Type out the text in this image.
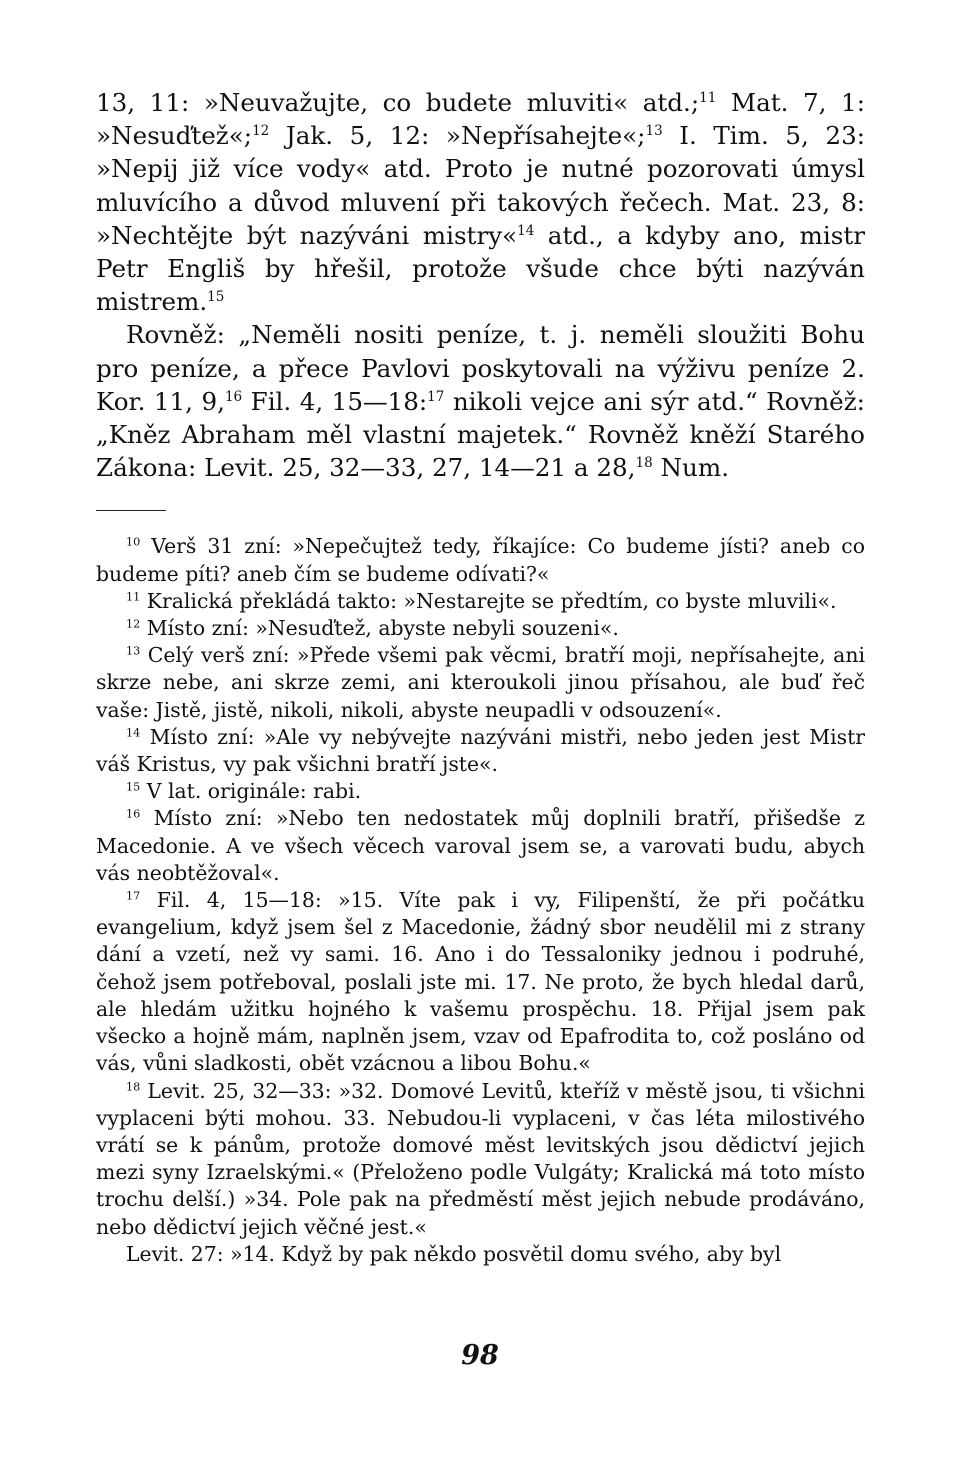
13, 11: »Neuvažujte, co budete mluviti« atd.;$^{11}$ Mat. 7, 1: »Nesuďtež«;$^{12}$ Jak. 5, 12: »Nepřísahejte«;$^{13}$ I. Tim. 5, 23: »Nepij již více vody« atd. Proto je nutné pozorovati úmysl mluvícího a důvod mluvení při takových řečech. Mat. 23, 8: »Nechtějte být nazýváni mistry«$^{14}$ atd., a kdyby ano, mistr Petr Engliš by hřešil, protože všude chce býti nazýván mistrem.$^{15}$

Rovněž: „Neměli nositi peníze, t. j. neměli sloužiti Bohu pro peníze, a přece Pavlovi poskytovali na výživu peníze 2. Kor. 11, 9,16 Fil. 4, 15—18:$^{17}$ nikoli vejce ani sýr atd.“ Rovněž: „Kněz Abraham měl vlastní majetek.“ Rovněž kněží Starého Zákona: Levit. 25, 32—33, 27, 14—21 a 28,18 Num.

$^{10}$ Verš 31 zní: »Nepečujtež tedy, říkajíce: Co budeme jísti? aneb co budeme píti? aneb čím se budeme odívati?«

$^{11}$ Kralická překládá takto: »Nestarejte se předtím, co byste mluvili«.

$^{12}$ Místo zní: »Nesuďtež, abyste nebyli souzeni«.

$^{13}$ Celý verš zní: »Přede všemi pak věcmi, bratří moji, nepřísahejte, ani skrze nebe, ani skrze zemi, ani kteroukoli jinou přísahou, ale buď řeč vaše: Jistě, jistě, nikoli, nikoli, abyste neupadli v odsouzení«.

$^{14}$ Místo zní: »Ale vy nebývejte nazýváni mistři, nebo jeden jest Mistr váš Kristus, vy pak všichni bratří jste«.

$^{15}$ V lat. originále: rabi.

$^{16}$ Místo zní: »Nebo ten nedostatek můj doplnili bratří, přišedše z Macedonie. A ve všech věcech varoval jsem se, a varovati budu, abych vás neobtěžoval«.

$^{17}$ Fil. 4, 15—18: »15. Víte pak i vy, Filipenští, že při počátku evangelium, když jsem šel z Macedonie, žádný sbor neudělil mi z strany dání a vzetí, než vy sami. 16. Ano i do Tessaloniky jednou i podruhé, čehož jsem potřeboval, poslali jste mi. 17. Ne proto, že bych hledal darů, ale hledám užitku hojného k vašemu prospěchu. 18. Přijal jsem pak všecko a hojně mám, naplněn jsem, vzav od Epafrodita to, což posláno od vás, vůni sladkosti, obět vzácnou a libou Bohu.«

$^{18}$ Levit. 25, 32—33: »32. Domové Levitů, kteříž v městě jsou, ti všichni vyplaceni býti mohou. 33. Nebudou-li vyplaceni, v čas léta milostivého vrátí se k pánům, protože domové měst levitských jsou dědictví jejich mezi syny Izraelskými.« (Přeloženo podle Vulgáty; Kralická má toto místo trochu delší.) »34. Pole pak na předměstí měst jejich nebude prodáváno, nebo dědictví jejich věčné jest.«

Levit. 27: »14. Když by pak někdo posvětil domu svého, aby byl

98
